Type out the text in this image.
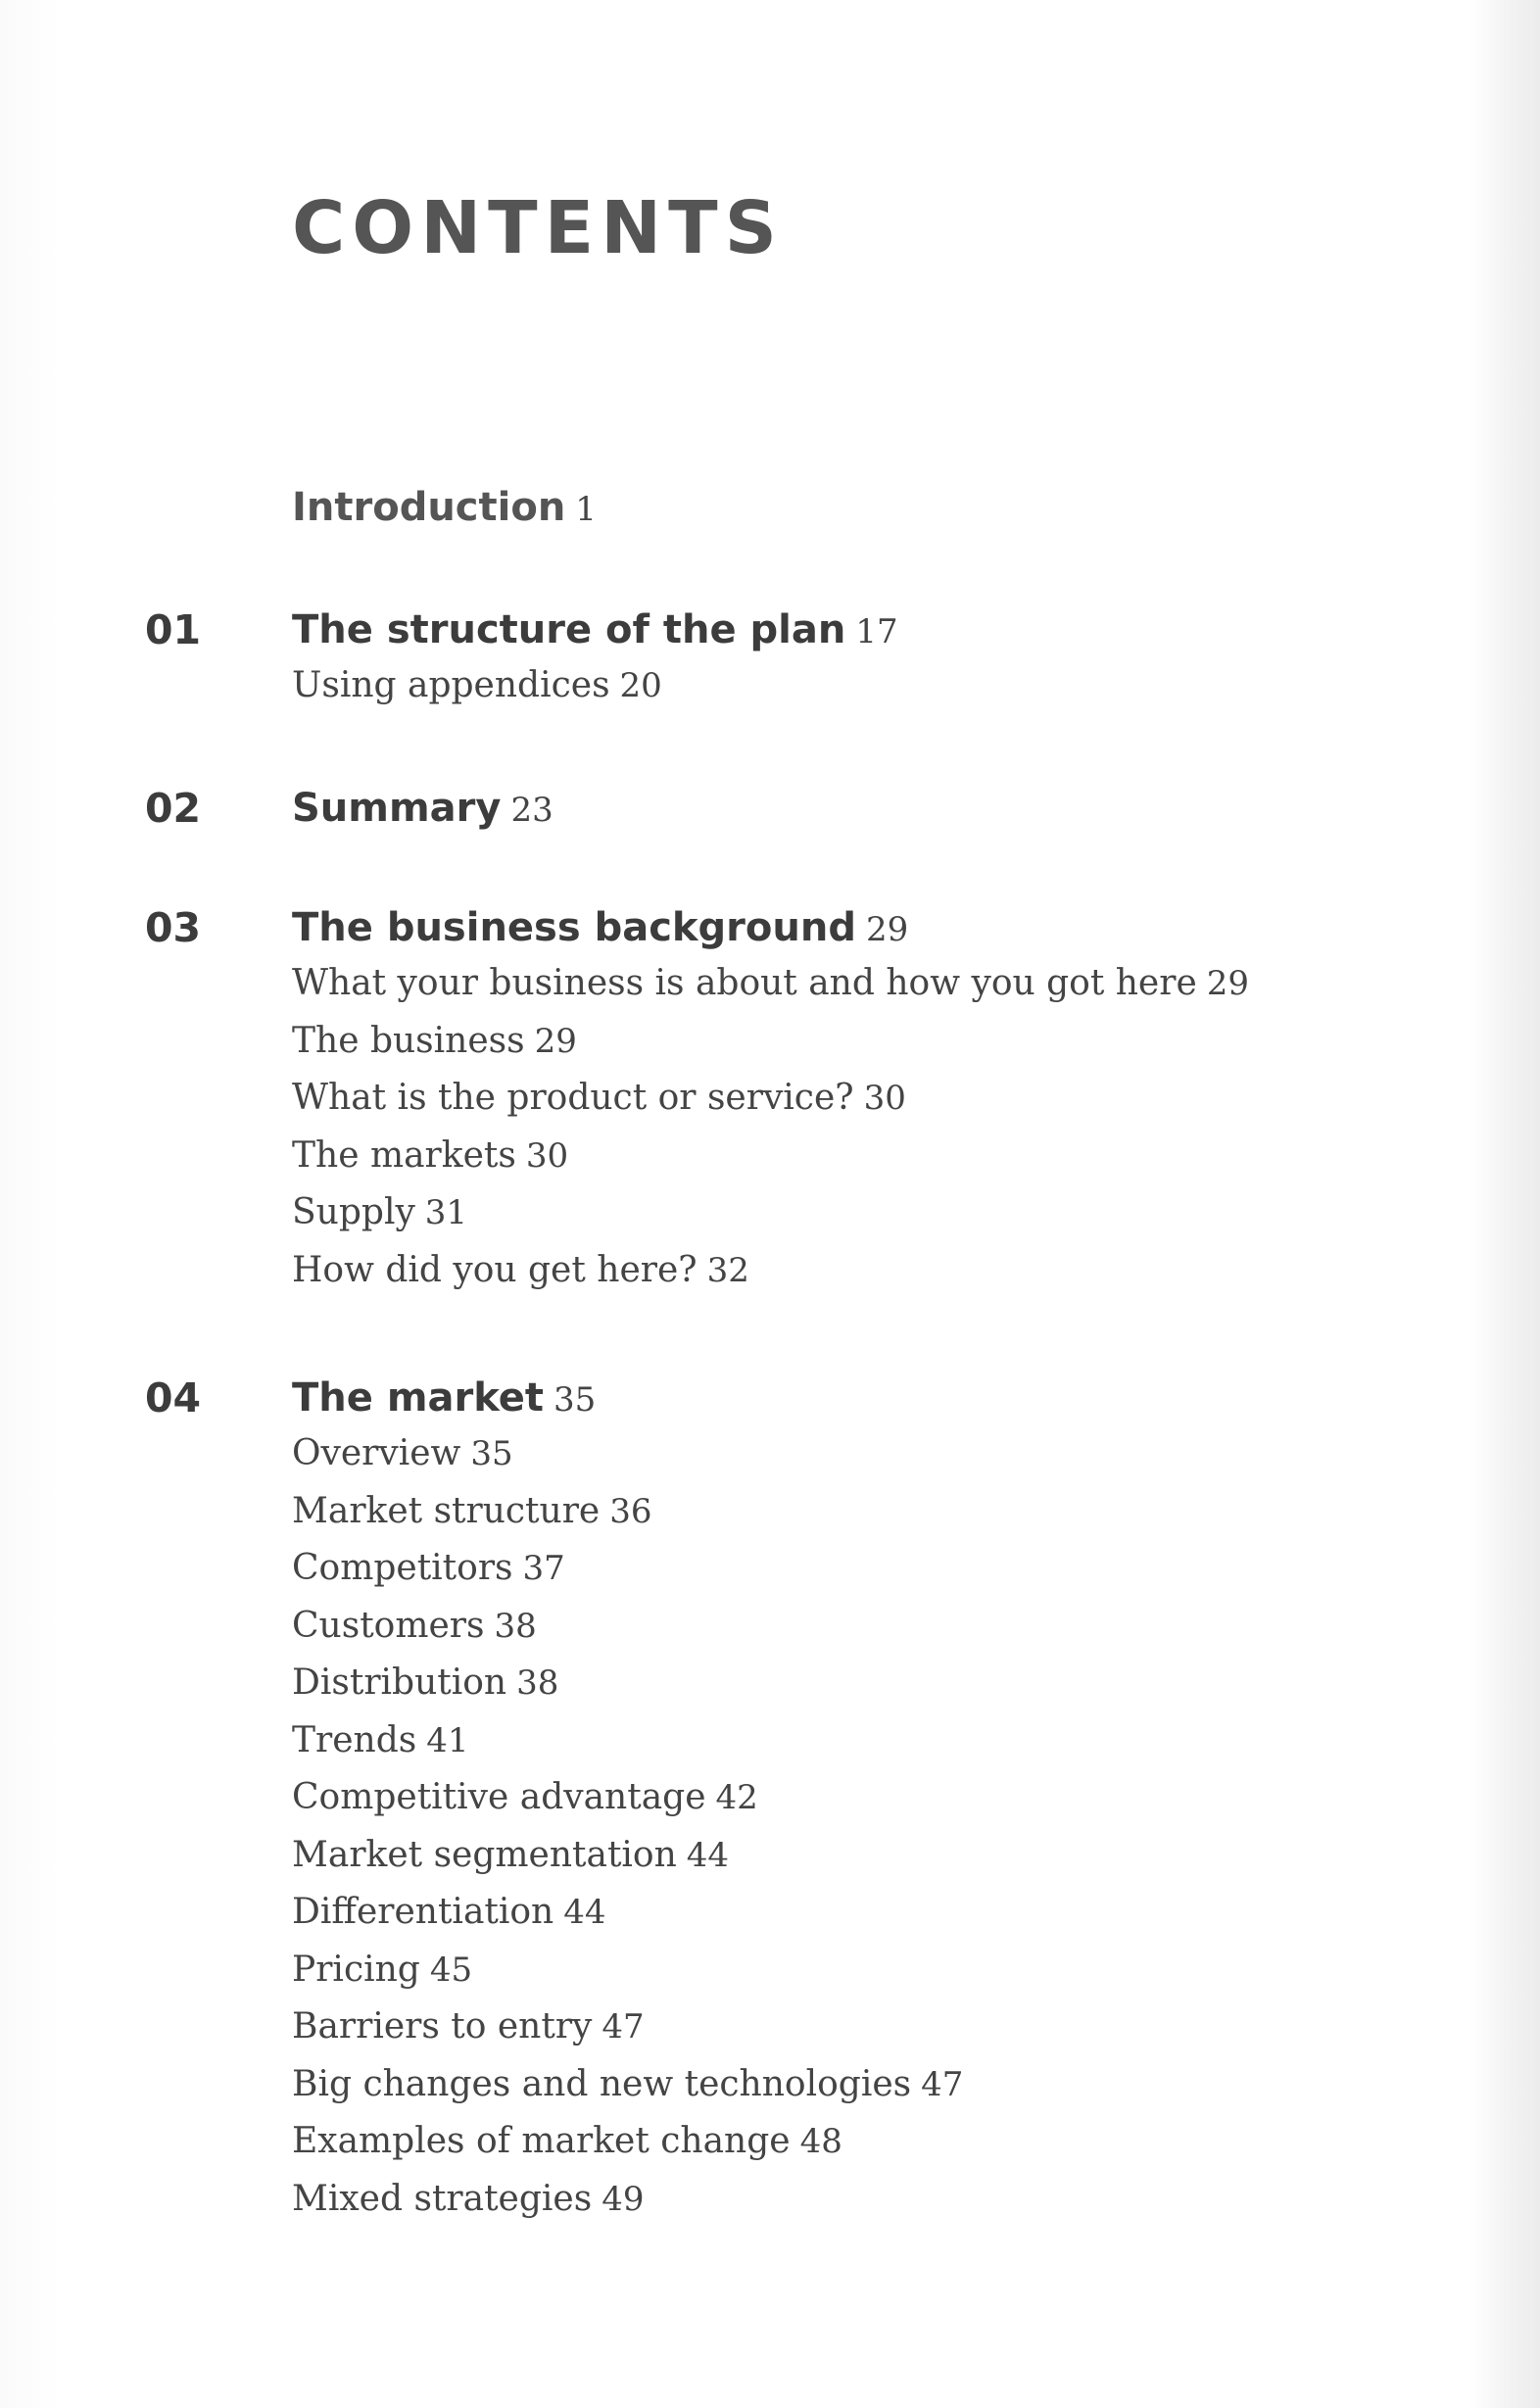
CONTENTS
Introduction 1
01 The structure of the plan 17
Using appendices 20
02 Summary 23
03 The business background 29
What your business is about and how you got here 29
The business 29
What is the product or service? 30
The markets 30
Supply 31
How did you get here? 32
04 The market 35
Overview 35
Market structure 36
Competitors 37
Customers 38
Distribution 38
Trends 41
Competitive advantage 42
Market segmentation 44
Differentiation 44
Pricing 45
Barriers to entry 47
Big changes and new technologies 47
Examples of market change 48
Mixed strategies 49
